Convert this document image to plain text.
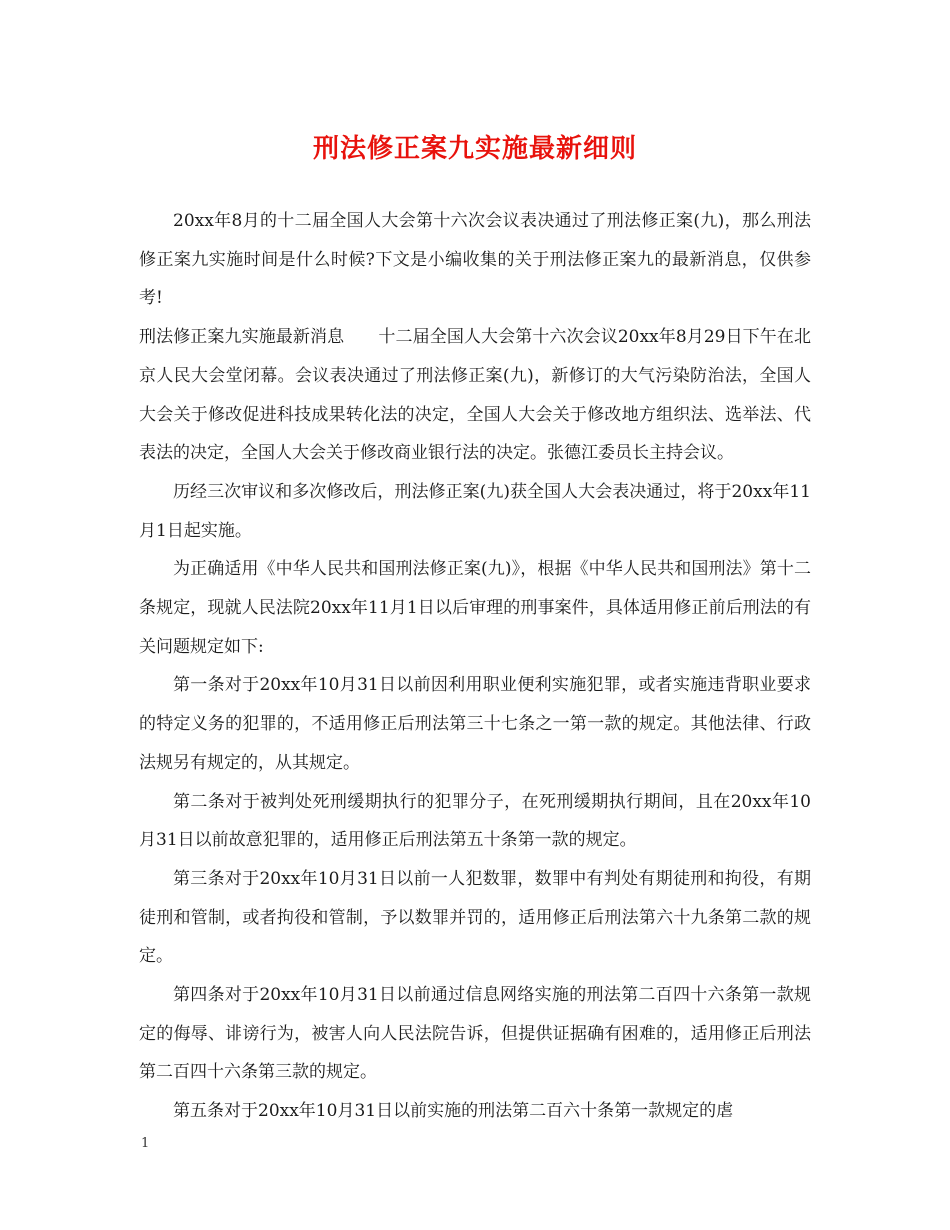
刑法修正案九实施最新细则

20xx年8月的十二届全国人大会第十六次会议表决通过了刑法修正案(九)，那么刑法修正案九实施时间是什么时候?下文是小编收集的关于刑法修正案九的最新消息，仅供参考!

刑法修正案九实施最新消息　　十二届全国人大会第十六次会议20xx年8月29日下午在北京人民大会堂闭幕。会议表决通过了刑法修正案(九)，新修订的大气污染防治法，全国人大会关于修改促进科技成果转化法的决定，全国人大会关于修改地方组织法、选举法、代表法的决定，全国人大会关于修改商业银行法的决定。张德江委员长主持会议。

历经三次审议和多次修改后，刑法修正案(九)获全国人大会表决通过，将于20xx年11月1日起实施。

为正确适用《中华人民共和国刑法修正案(九)》，根据《中华人民共和国刑法》第十二条规定，现就人民法院20xx年11月1日以后审理的刑事案件，具体适用修正前后刑法的有关问题规定如下:

第一条对于20xx年10月31日以前因利用职业便利实施犯罪，或者实施违背职业要求的特定义务的犯罪的，不适用修正后刑法第三十七条之一第一款的规定。其他法律、行政法规另有规定的，从其规定。

第二条对于被判处死刑缓期执行的犯罪分子，在死刑缓期执行期间，且在20xx年10月31日以前故意犯罪的，适用修正后刑法第五十条第一款的规定。

第三条对于20xx年10月31日以前一人犯数罪，数罪中有判处有期徒刑和拘役，有期徒刑和管制，或者拘役和管制，予以数罪并罚的，适用修正后刑法第六十九条第二款的规定。

第四条对于20xx年10月31日以前通过信息网络实施的刑法第二百四十六条第一款规定的侮辱、诽谤行为，被害人向人民法院告诉，但提供证据确有困难的，适用修正后刑法第二百四十六条第三款的规定。

第五条对于20xx年10月31日以前实施的刑法第二百六十条第一款规定的虐

1
